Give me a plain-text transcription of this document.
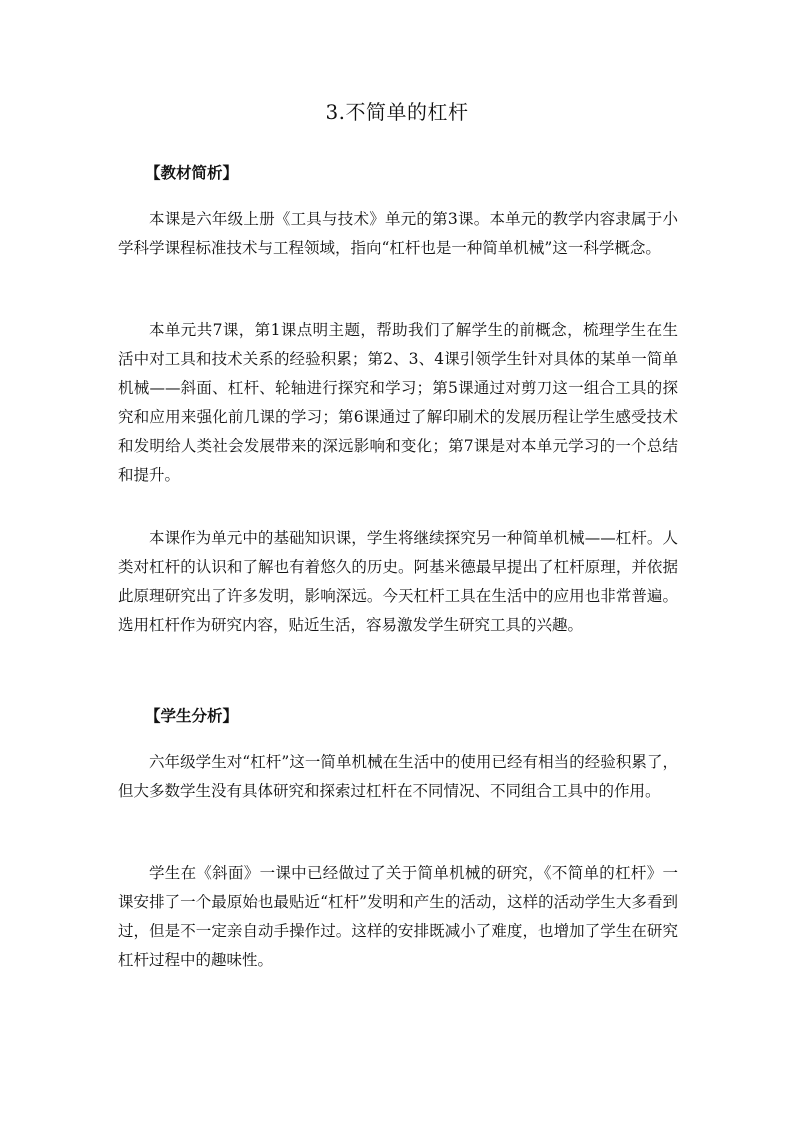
3.不简单的杠杆
【教材简析】

本课是六年级上册《工具与技术》单元的第3课。本单元的教学内容隶属于小学科学课程标准技术与工程领域，指向“杠杆也是一种简单机械”这一科学概念。

本单元共7课，第1课点明主题，帮助我们了解学生的前概念，梳理学生在生活中对工具和技术关系的经验积累；第2、3、4课引领学生针对具体的某单一简单机械——斜面、杠杆、轮轴进行探究和学习；第5课通过对剪刀这一组合工具的探究和应用来强化前几课的学习；第6课通过了解印刷术的发展历程让学生感受技术和发明给人类社会发展带来的深远影响和变化；第7课是对本单元学习的一个总结和提升。

本课作为单元中的基础知识课，学生将继续探究另一种简单机械——杠杆。人类对杠杆的认识和了解也有着悠久的历史。阿基米德最早提出了杠杆原理，并依据此原理研究出了许多发明，影响深远。今天杠杆工具在生活中的应用也非常普遍。选用杠杆作为研究内容，贴近生活，容易激发学生研究工具的兴趣。

【学生分析】

六年级学生对“杠杆”这一简单机械在生活中的使用已经有相当的经验积累了，但大多数学生没有具体研究和探索过杠杆在不同情况、不同组合工具中的作用。

学生在《斜面》一课中已经做过了关于简单机械的研究，《不简单的杠杆》一课安排了一个最原始也最贴近“杠杆”发明和产生的活动，这样的活动学生大多看到过，但是不一定亲自动手操作过。这样的安排既减小了难度，也增加了学生在研究杠杆过程中的趣味性。
